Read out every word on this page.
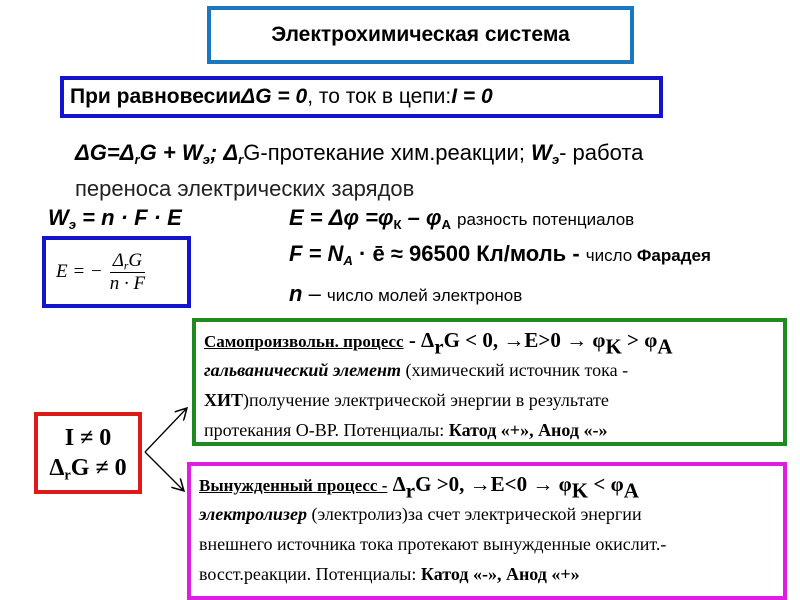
Электрохимическая система
При равновесии ΔG = 0 , то ток в цепи: I = 0
$\Delta G=\Delta_rG + W_э$; $\Delta_rG$-протекание хим.реакции; $W_э-$ работа
переноса электрических зарядов
$W_э = n \cdot F \cdot E$
E = − $\frac{\Delta_rG}{n \cdot F}$
$E = \Delta\varphi =\varphi_К - \varphi_А$ разность потенциалов
$F = N_A$ · ē ≈ 96500 Кл/моль - число Фарадея
n – число молей электронов
I ≠ 0
$\Delta_rG \ne 0$
Самопроизвольн. процесс - $\Delta_rG < 0$, $\to E>0 \to \varphi_K > \varphi_A$
гальванический элемент (химический источник тока -
ХИТ)получение электрической энергии в результате
протекания О-ВР. Потенциалы: Катод «+», Анод «-»
Вынужденный процесс - $\Delta_rG >0$, $\to E<0 \to \varphi_K < \varphi_A$
электролизер (электролиз)за счет электрической энергии
внешнего источника тока протекают вынужденные окислит.-
восст.реакции. Потенциалы: Катод «-», Анод «+»
